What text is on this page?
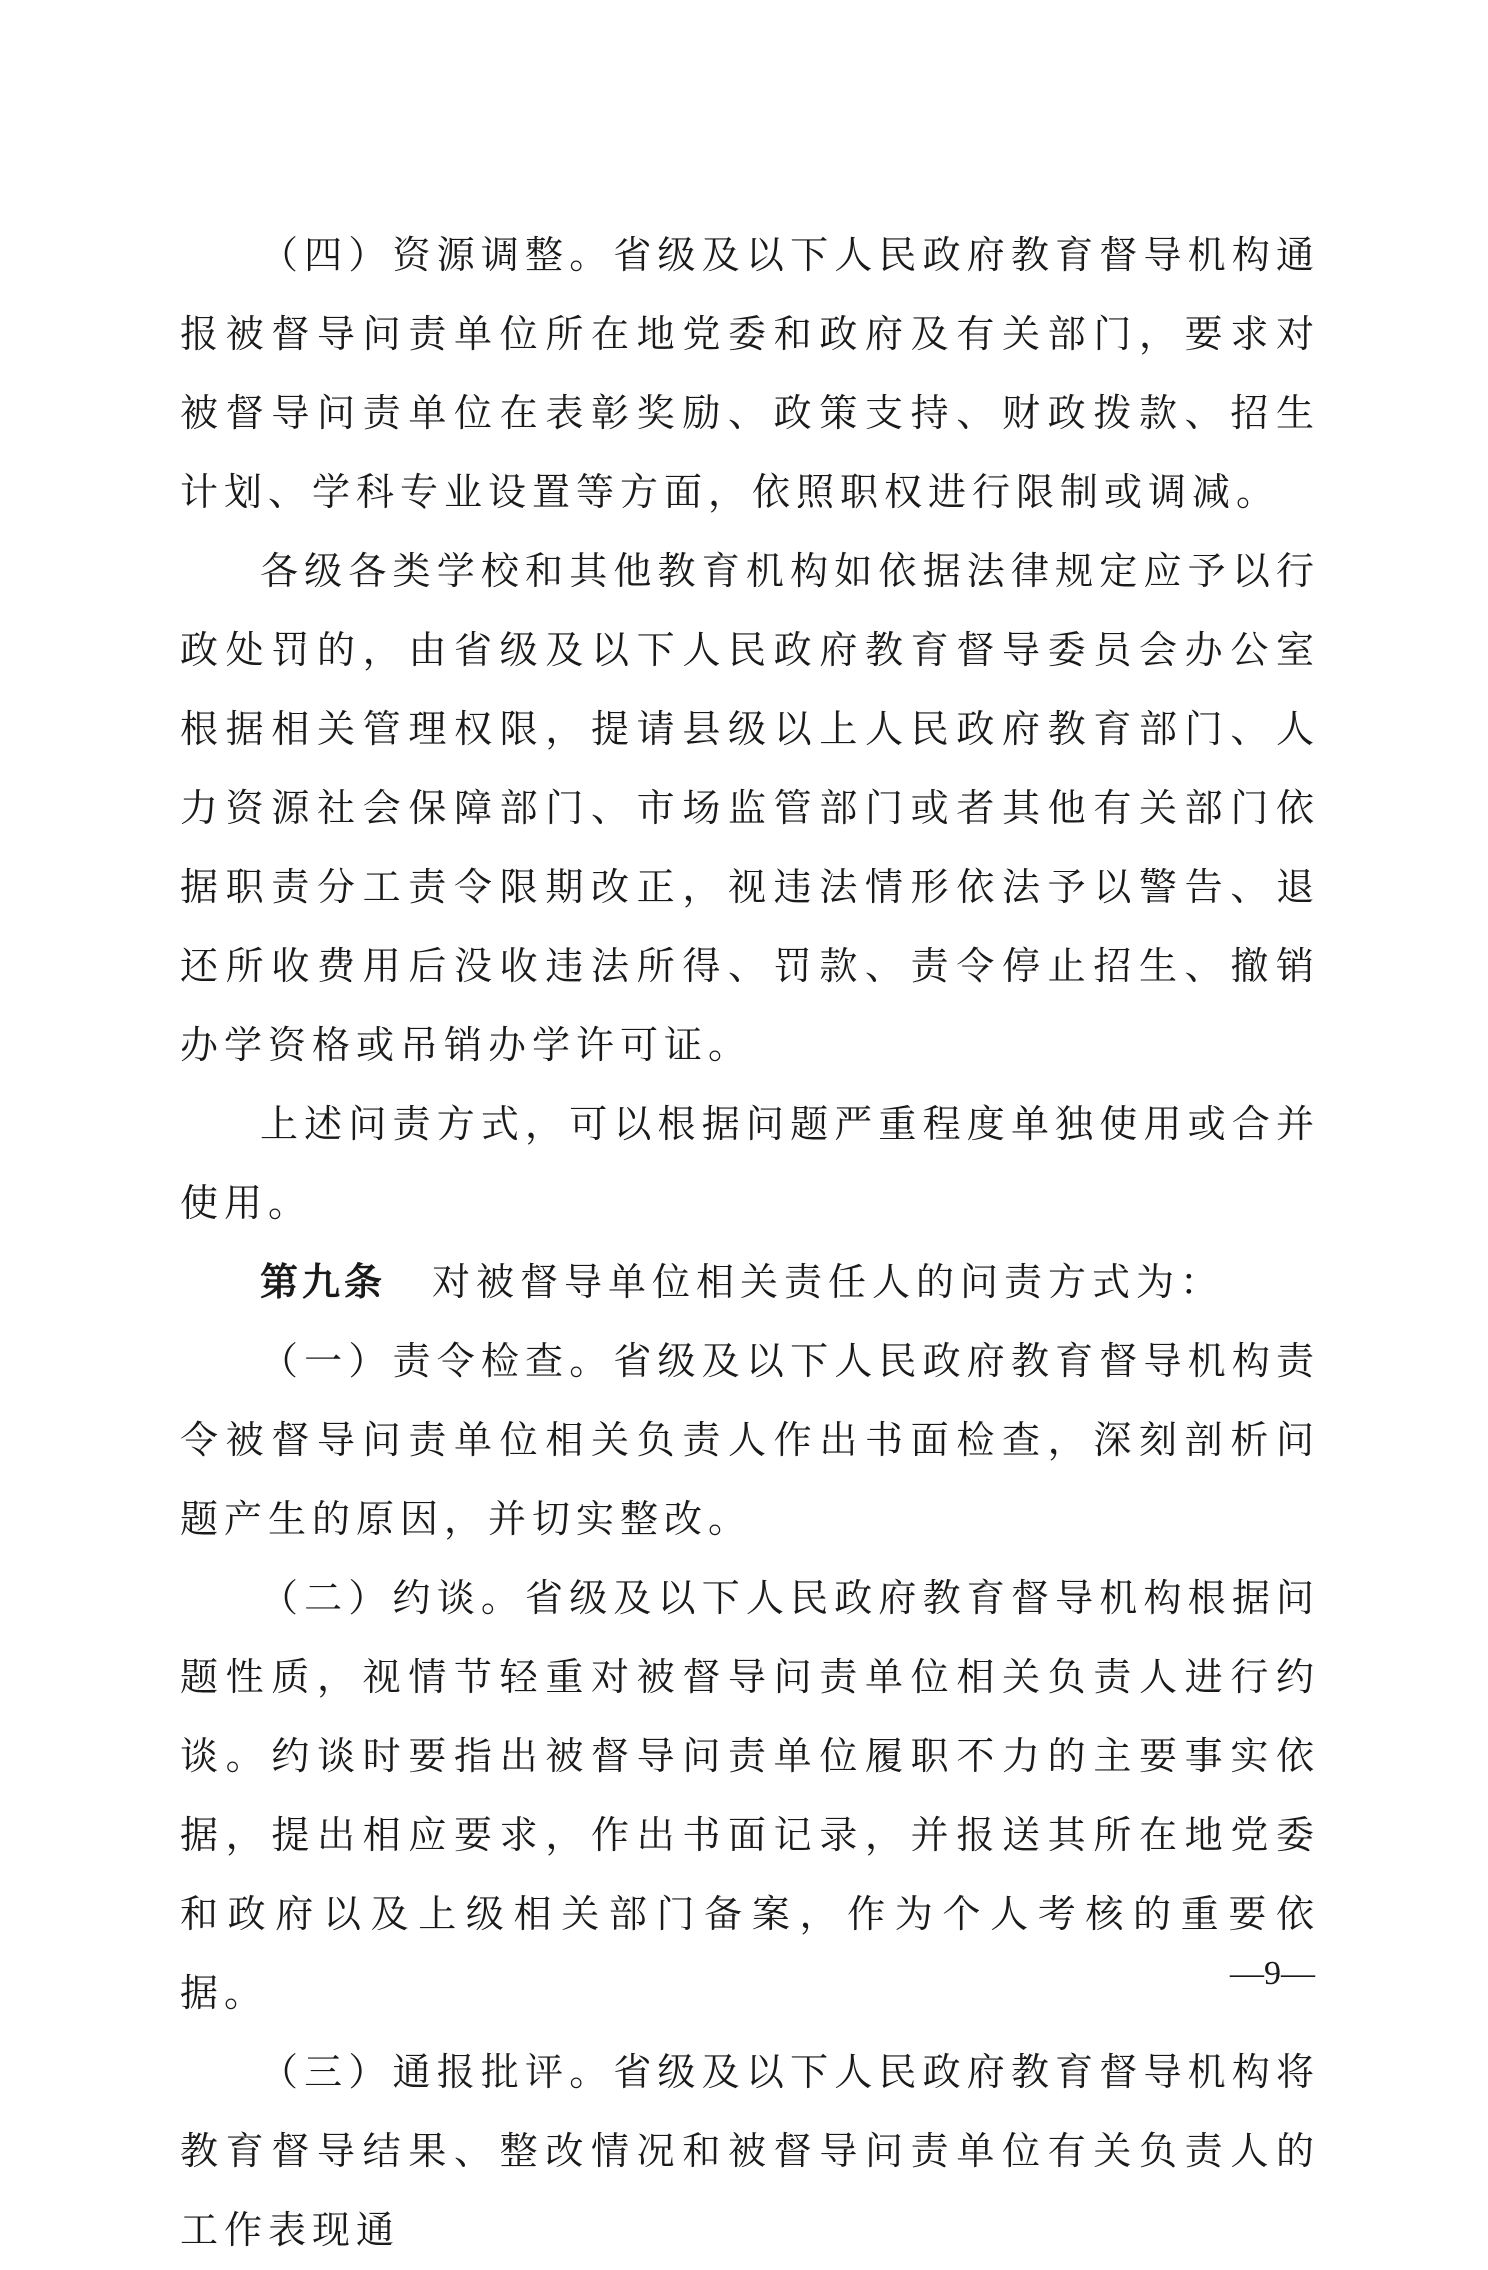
（四）资源调整。省级及以下人民政府教育督导机构通报被督导问责单位所在地党委和政府及有关部门，要求对被督导问责单位在表彰奖励、政策支持、财政拨款、招生计划、学科专业设置等方面，依照职权进行限制或调减。

各级各类学校和其他教育机构如依据法律规定应予以行政处罚的，由省级及以下人民政府教育督导委员会办公室根据相关管理权限，提请县级以上人民政府教育部门、人力资源社会保障部门、市场监管部门或者其他有关部门依据职责分工责令限期改正，视违法情形依法予以警告、退还所收费用后没收违法所得、罚款、责令停止招生、撤销办学资格或吊销办学许可证。

上述问责方式，可以根据问题严重程度单独使用或合并使用。

第九条 对被督导单位相关责任人的问责方式为：

（一）责令检查。省级及以下人民政府教育督导机构责令被督导问责单位相关负责人作出书面检查，深刻剖析问题产生的原因，并切实整改。

（二）约谈。省级及以下人民政府教育督导机构根据问题性质，视情节轻重对被督导问责单位相关负责人进行约谈。约谈时要指出被督导问责单位履职不力的主要事实依据，提出相应要求，作出书面记录，并报送其所在地党委和政府以及上级相关部门备案，作为个人考核的重要依据。

（三）通报批评。省级及以下人民政府教育督导机构将教育督导结果、整改情况和被督导问责单位有关负责人的工作表现通

—9—
